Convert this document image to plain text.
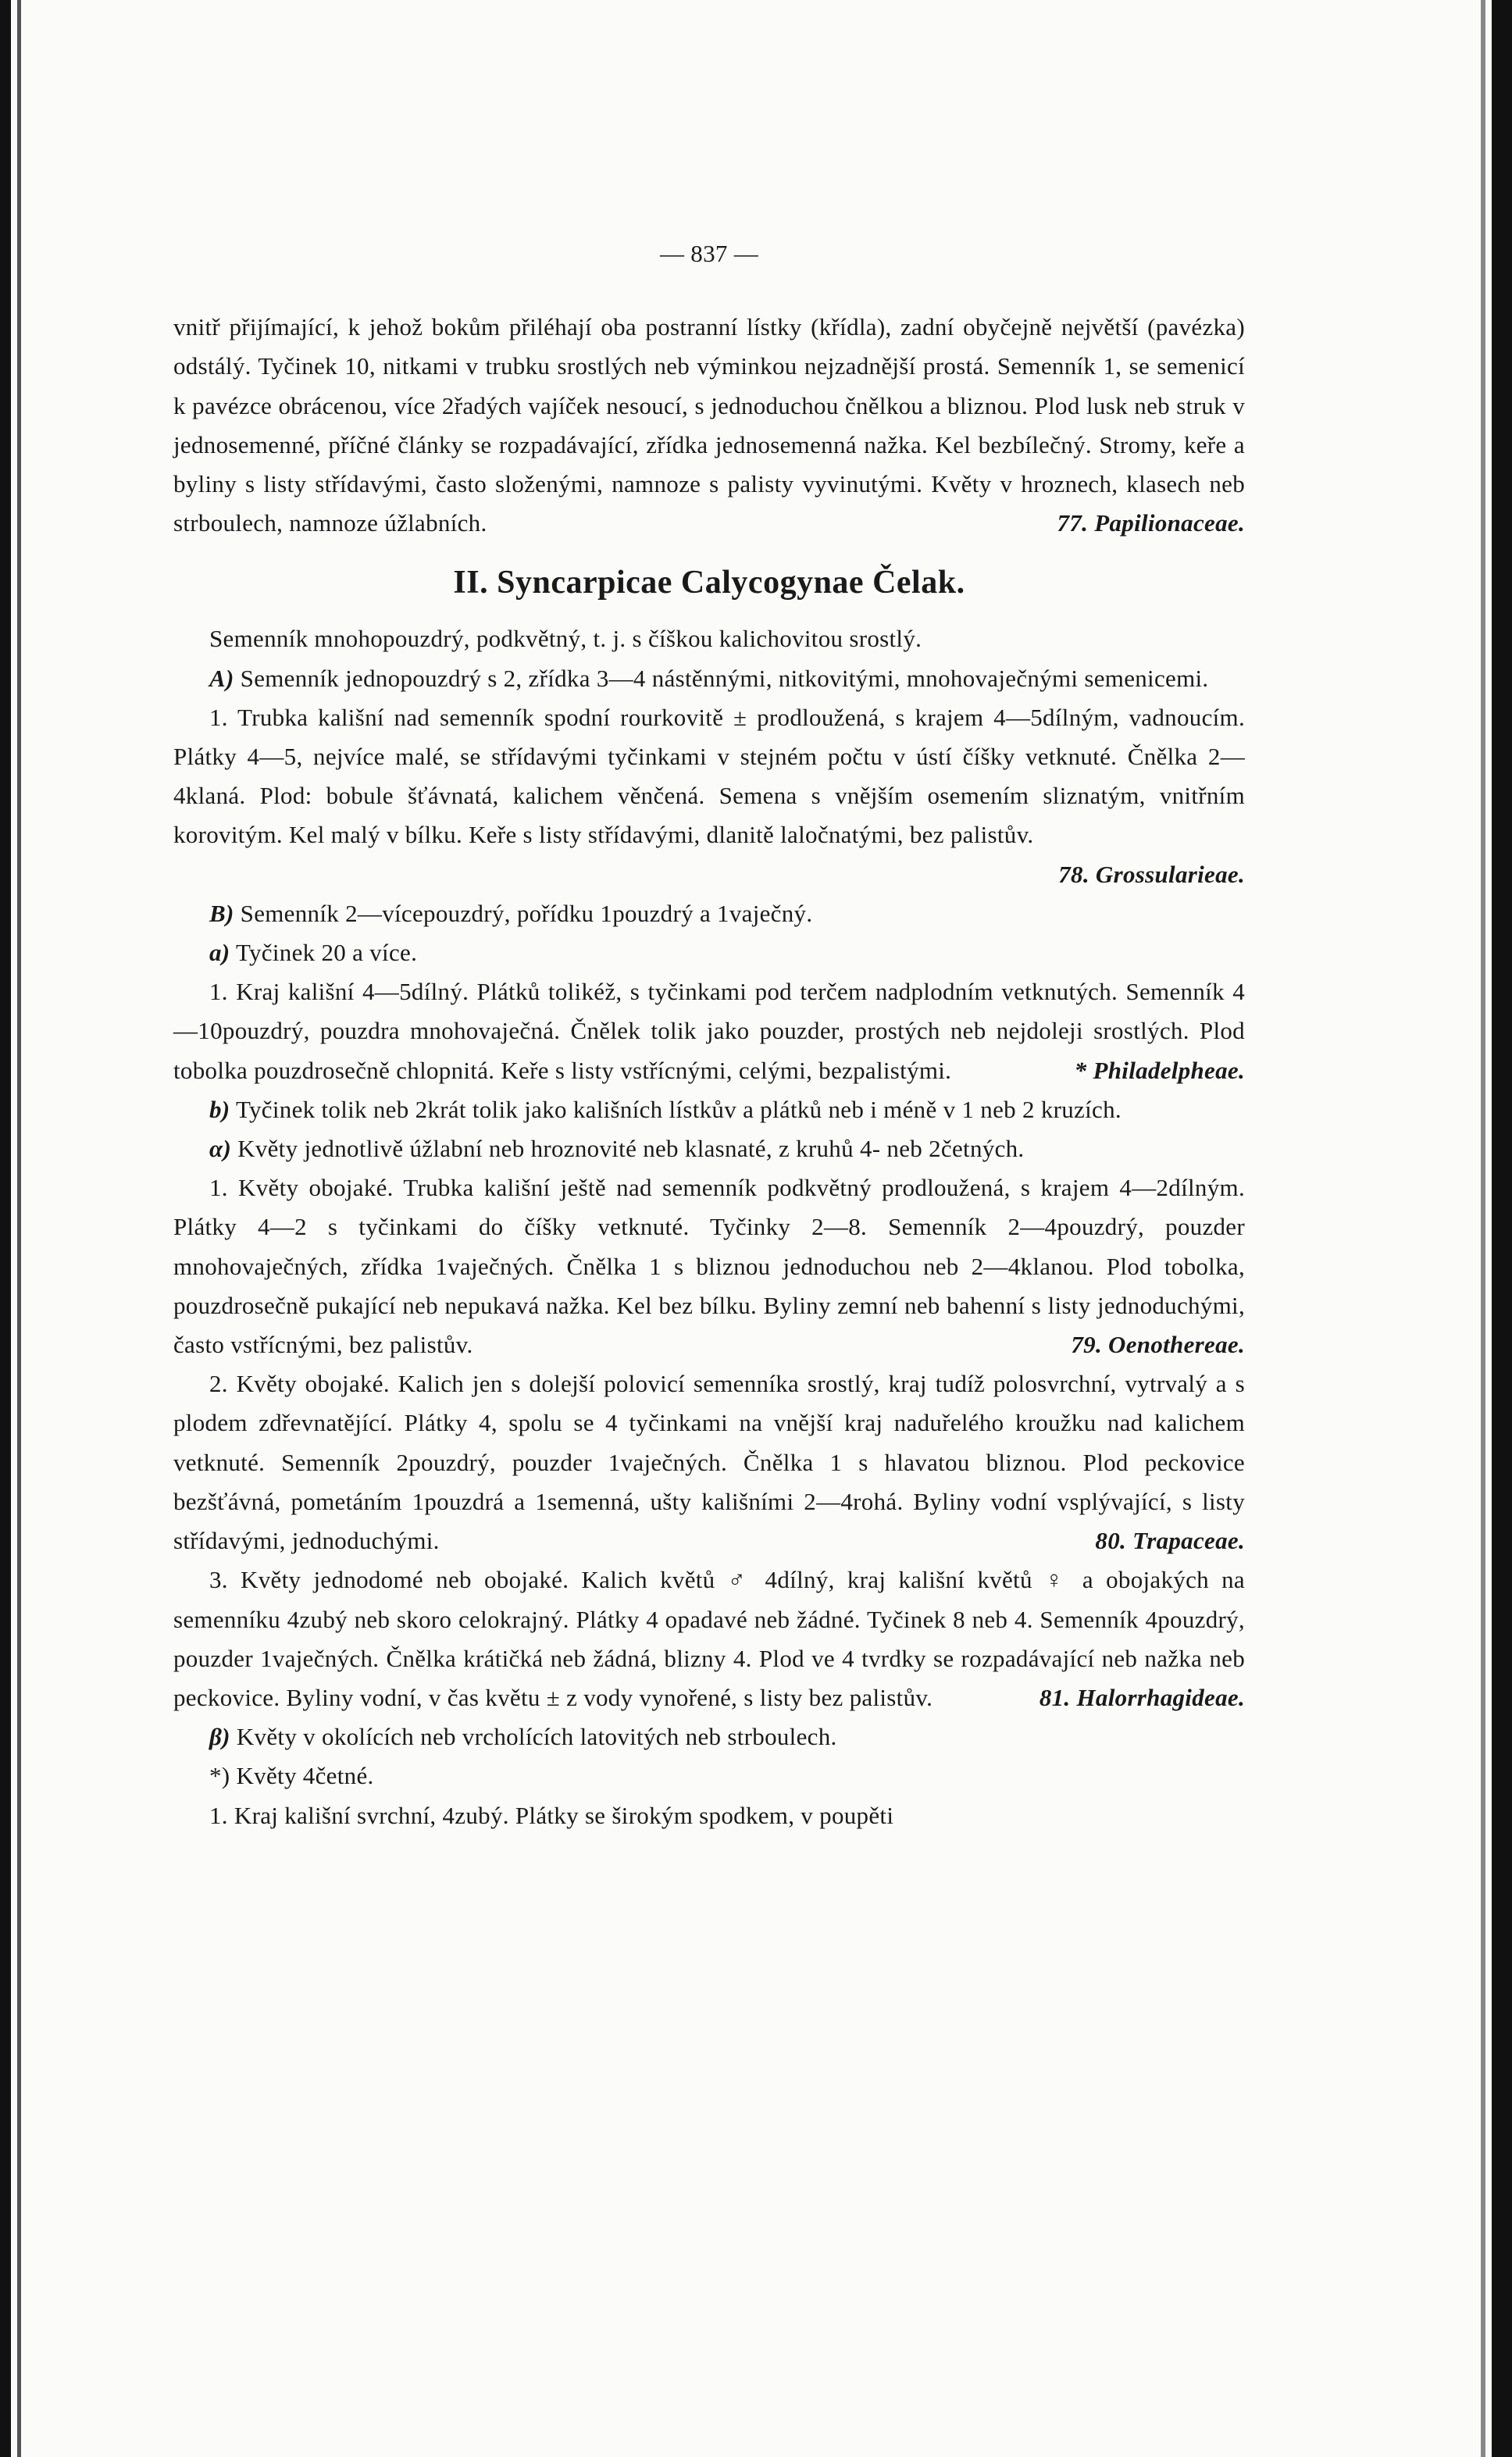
— 837 —

vnitř přijímající, k jehož bokům přiléhají oba postranní lístky (křídla), zadní obyčejně největší (pavézka) odstálý. Tyčinek 10, nitkami v trubku srostlých neb výminkou nejzadnější prostá. Semenník 1, se semenicí k pavézce obrácenou, více 2řadých vajíček nesoucí, s jednoduchou čnělkou a bliznou. Plod lusk neb struk v jednosemenné, příčné články se rozpadávající, zřídka jednosemenná nažka. Kel bezbílečný. Stromy, keře a byliny s listy střídavými, často složenými, namnoze s palisty vyvinutými. Květy v hroznech, klasech neb strboulech, namnoze úžlabních.	77. Papilionaceae.

II. Syncarpicae Calycogynae Čelak.

Semenník mnohopouzdrý, podkvětný, t. j. s číškou kalichovitou srostlý.

A) Semenník jednopouzdrý s 2, zřídka 3—4 nástěnnými, nitkovitými, mnohovaječnými semenicemi.

1. Trubka kališní nad semenník spodní rourkovitě ± prodloužená, s krajem 4—5dílným, vadnoucím. Plátky 4—5, nejvíce malé, se střídavými tyčinkami v stejném počtu v ústí číšky vetknuté. Čnělka 2—4klaná. Plod: bobule šťávnatá, kalichem věnčená. Semena s vnějším osemením sliznatým, vnitřním korovitým. Kel malý v bílku. Keře s listy střídavými, dlanitě laločnatými, bez palistův.

78. Grossularieae.

B) Semenník 2—vícepouzdrý, pořídku 1pouzdrý a 1vaječný.

a) Tyčinek 20 a více.

1. Kraj kališní 4—5dílný. Plátků tolikéž, s tyčinkami pod terčem nadplodním vetknutých. Semenník 4—10pouzdrý, pouzdra mnohovaječná. Čnělek tolik jako pouzder, prostých neb nejdoleji srostlých. Plod tobolka pouzdrosečně chlopnitá. Keře s listy vstřícnými, celými, bezpalistými.	* Philadelpheae.

b) Tyčinek tolik neb 2krát tolik jako kališních lístkův a plátků neb i méně v 1 neb 2 kruzích.

α) Květy jednotlivě úžlabní neb hroznovité neb klasnaté, z kruhů 4- neb 2četných.

1. Květy obojaké. Trubka kališní ještě nad semenník podkvětný prodloužená, s krajem 4—2dílným. Plátky 4—2 s tyčinkami do číšky vetknuté. Tyčinky 2—8. Semenník 2—4pouzdrý, pouzder mnohovaječných, zřídka 1vaječných. Čnělka 1 s bliznou jednoduchou neb 2—4klanou. Plod tobolka, pouzdrosečně pukající neb nepukavá nažka. Kel bez bílku. Byliny zemní neb bahenní s listy jednoduchými, často vstřícnými, bez palistův.	79. Oenothereae.

2. Květy obojaké. Kalich jen s dolejší polovicí semenníka srostlý, kraj tudíž polosvrchní, vytrvalý a s plodem zdřevnatějící. Plátky 4, spolu se 4 tyčinkami na vnější kraj naduřelého kroužku nad kalichem vetknuté. Semenník 2pouzdrý, pouzder 1vaječných. Čnělka 1 s hlavatou bliznou. Plod peckovice bezšťávná, pometáním 1pouzdrá a 1semenná, ušty kališními 2—4rohá. Byliny vodní vsplývající, s listy střídavými, jednoduchými.	80. Trapaceae.

3. Květy jednodomé neb obojaké. Kalich květů ♂ 4dílný, kraj kališní květů ♀ a obojakých na semenníku 4zubý neb skoro celokrajný. Plátky 4 opadavé neb žádné. Tyčinek 8 neb 4. Semenník 4pouzdrý, pouzder 1vaječných. Čnělka krátičká neb žádná, blizny 4. Plod ve 4 tvrdky se rozpadávající neb nažka neb peckovice. Byliny vodní, v čas květu ± z vody vynořené, s listy bez palistův.	81. Halorrhagideae.

β) Květy v okolících neb vrcholících latovitých neb strboulech.

*) Květy 4četné.

1. Kraj kališní svrchní, 4zubý. Plátky se širokým spodkem, v poupěti
